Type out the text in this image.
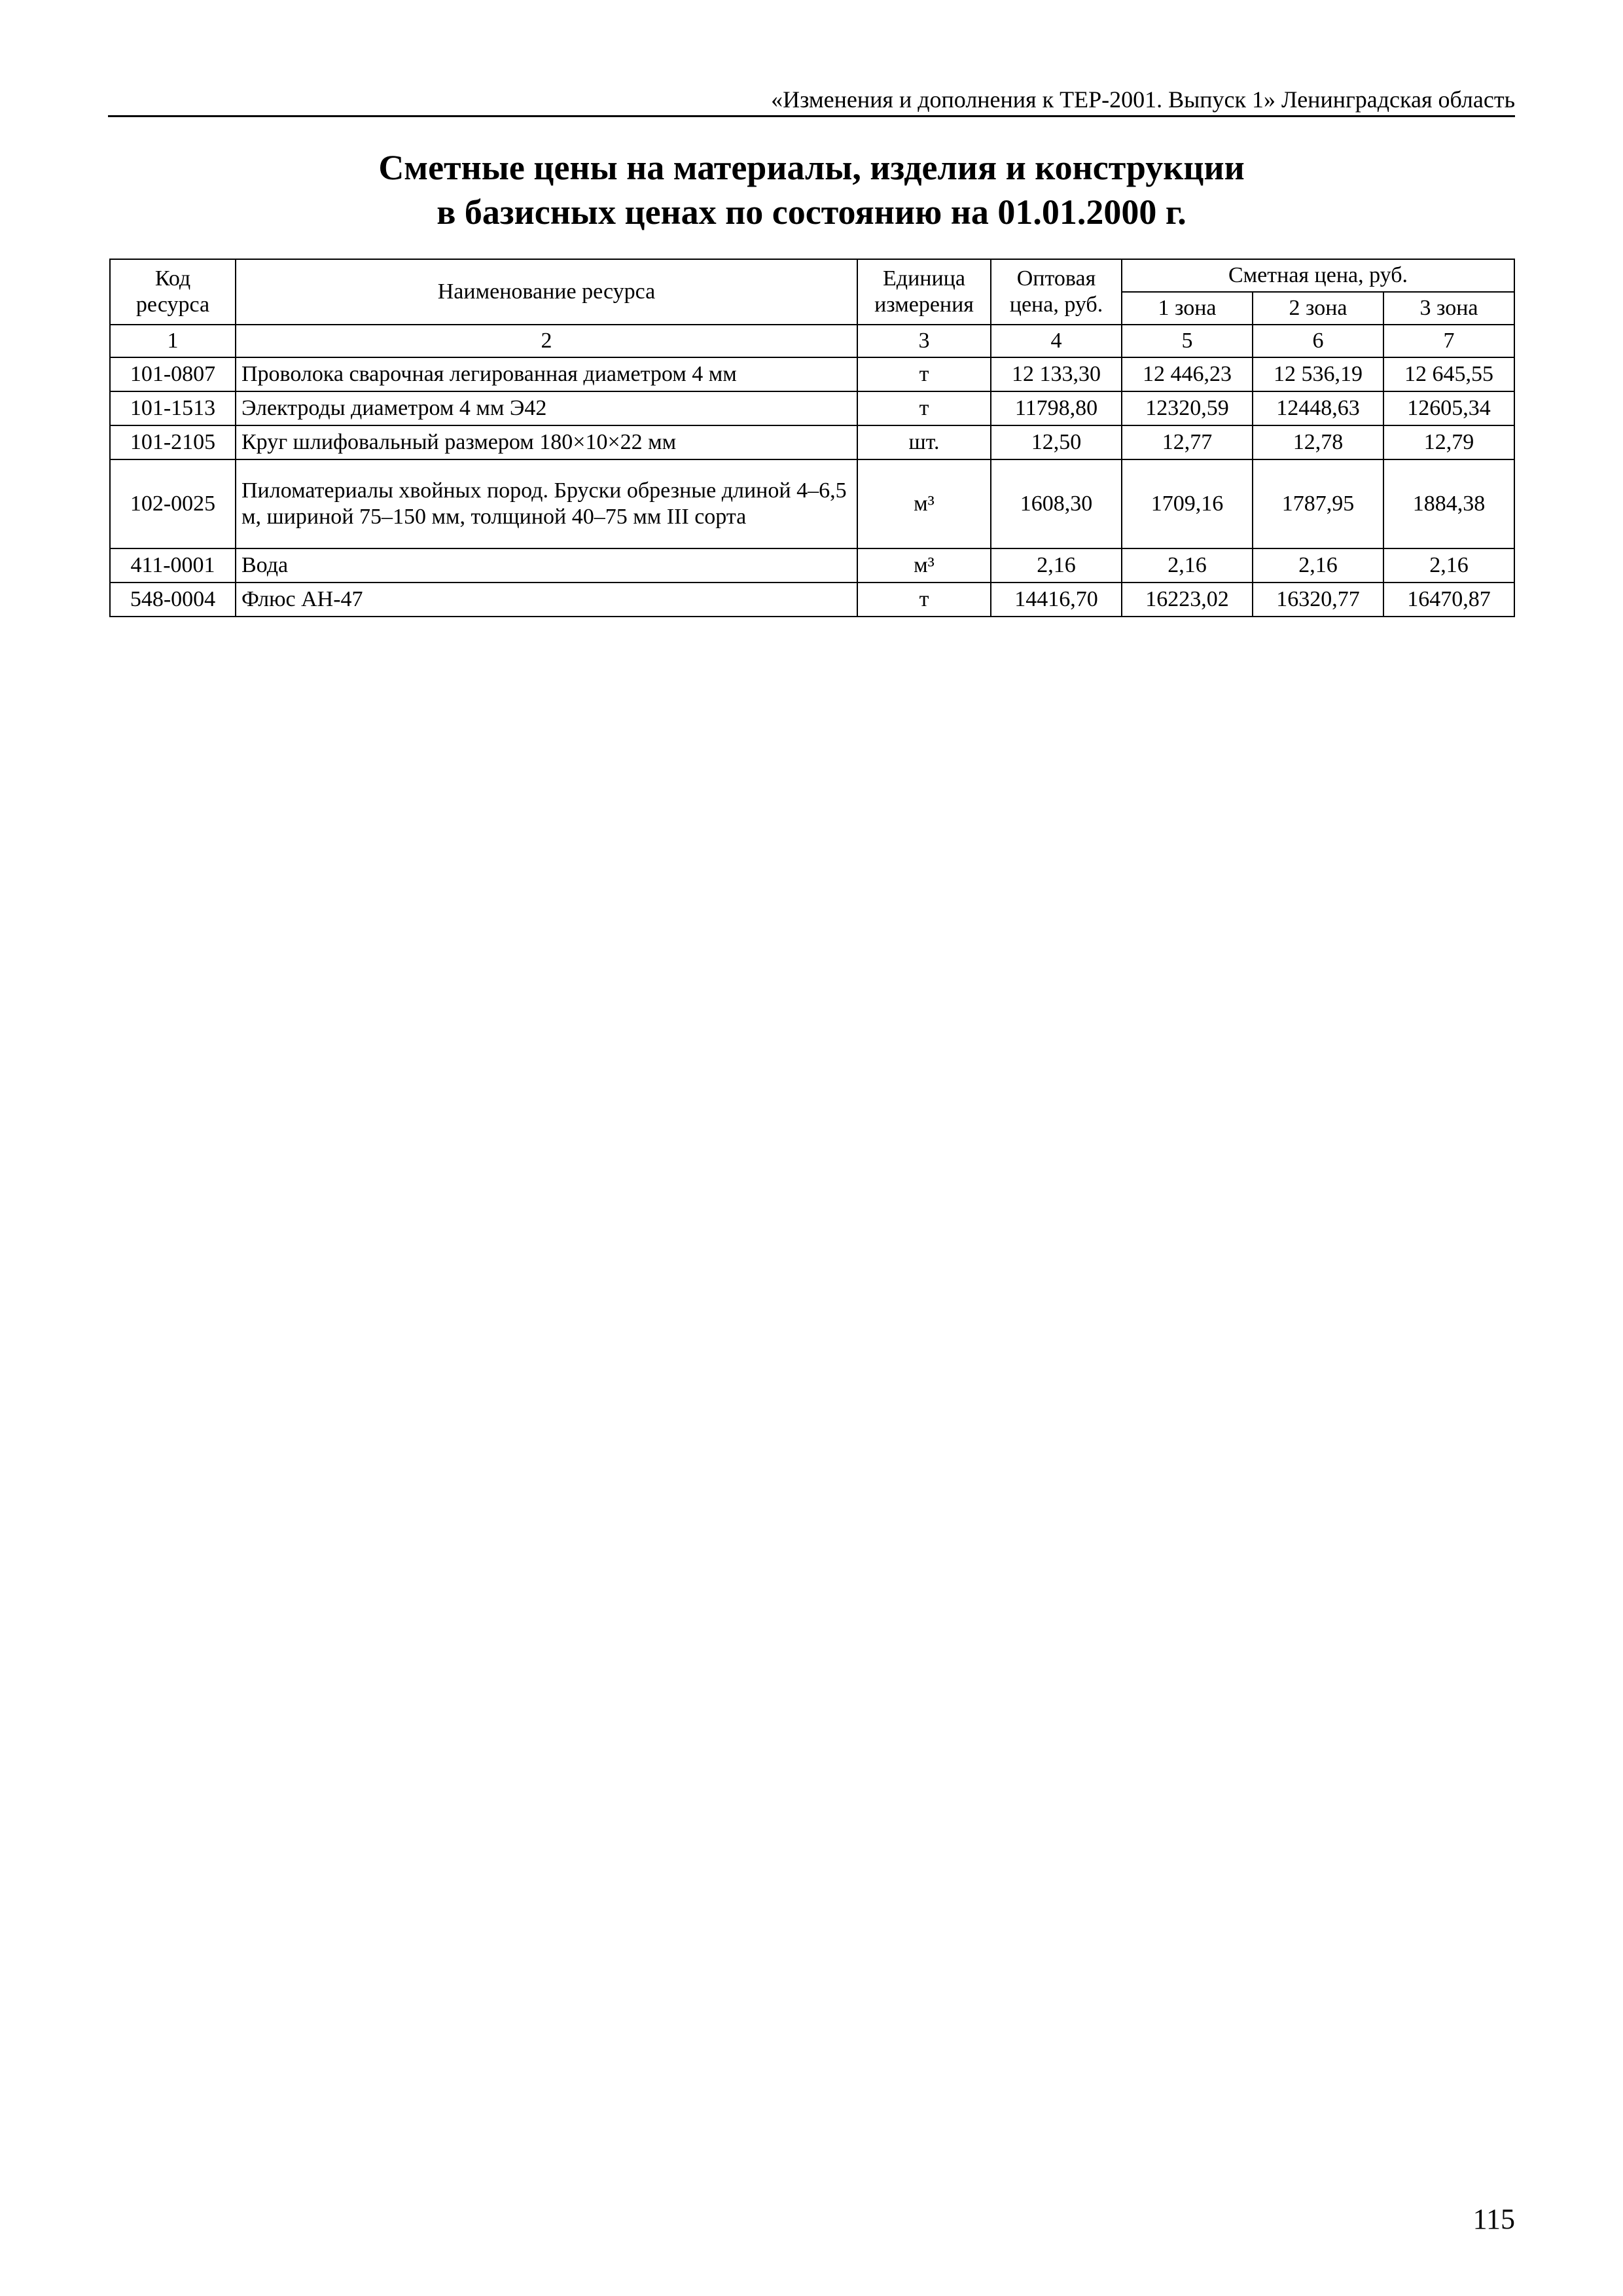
«Изменения и дополнения к ТЕР-2001. Выпуск 1» Ленинградская область
Сметные цены на материалы, изделия и конструкции
в базисных ценах по состоянию на 01.01.2000 г.
Код ресурса	Наименование ресурса	Единица измерения	Оптовая цена, руб.	Сметная цена, руб.		
				1 зона	2 зона	3 зона
1	2	3	4	5	6	7
101-0807	Проволока сварочная легированная диаметром 4 мм	т	12 133,30	12 446,23	12 536,19	12 645,55
101-1513	Электроды диаметром 4 мм Э42	т	11798,80	12320,59	12448,63	12605,34
101-2105	Круг шлифовальный размером 180×10×22 мм	шт.	12,50	12,77	12,78	12,79
102-0025	Пиломатериалы хвойных пород. Бруски обрезные длиной 4–6,5 м, шириной 75–150 мм, толщиной 40–75 мм III сорта	м³	1608,30	1709,16	1787,95	1884,38
411-0001	Вода	м³	2,16	2,16	2,16	2,16
548-0004	Флюс АН-47	т	14416,70	16223,02	16320,77	16470,87
115
